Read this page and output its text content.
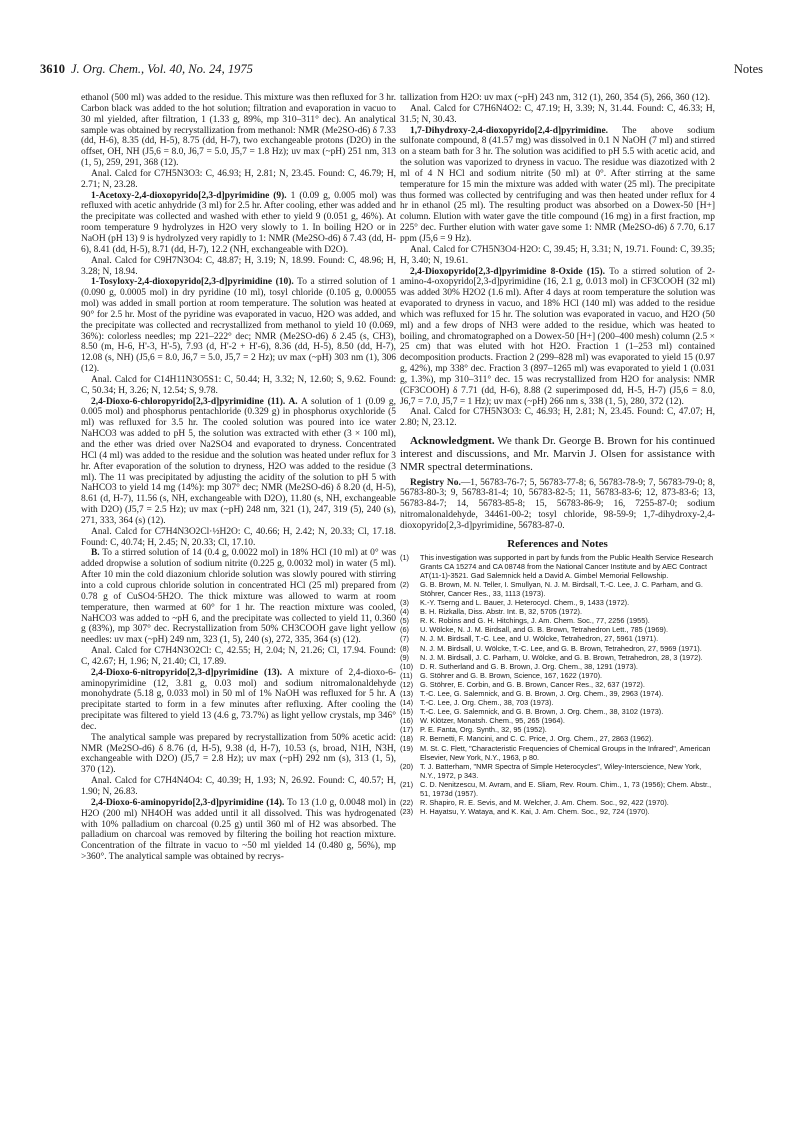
3610 J. Org. Chem., Vol. 40, No. 24, 1975	Notes

ethanol (500 ml) was added to the residue. This mixture was then refluxed for 3 hr. Carbon black was added to the hot solution; filtration and evaporation in vacuo to 30 ml yielded, after filtration, 1 (1.33 g, 89%, mp 310–311° dec). An analytical sample was obtained by recrystallization from methanol: NMR (Me2SO-d6) δ 7.33 (dd, H-6), 8.35 (dd, H-5), 8.75 (dd, H-7), two exchangeable protons (D2O) in the offset, OH, NH (J5,6 = 8.0, J6,7 = 5.0, J5,7 = 1.8 Hz); uv max (~pH) 251 nm, 313 (1, 5), 259, 291, 368 (12).

Anal. Calcd for C7H5N3O3: C, 46.93; H, 2.81; N, 23.45. Found: C, 46.79; H, 2.71; N, 23.28.

1-Acetoxy-2,4-dioxopyrido[2,3-d]pyrimidine (9). 1 (0.09 g, 0.005 mol) was refluxed with acetic anhydride (3 ml) for 2.5 hr. After cooling, ether was added and the precipitate was collected and washed with ether to yield 9 (0.051 g, 46%). At room temperature 9 hydrolyzes in H2O very slowly to 1. In boiling H2O or in NaOH (pH 13) 9 is hydrolyzed very rapidly to 1: NMR (Me2SO-d6) δ 7.43 (dd, H-6), 8.41 (dd, H-5), 8.71 (dd, H-7), 12.2 (NH, exchangeable with D2O).

Anal. Calcd for C9H7N3O4: C, 48.87; H, 3.19; N, 18.99. Found: C, 48.96; H, 3.28; N, 18.94.

1-Tosyloxy-2,4-dioxopyrido[2,3-d]pyrimidine (10). To a stirred solution of 1 (0.090 g, 0.0005 mol) in dry pyridine (10 ml), tosyl chloride (0.105 g, 0.00055 mol) was added in small portion at room temperature. The solution was heated at 90° for 2.5 hr. Most of the pyridine was evaporated in vacuo, H2O was added, and the precipitate was collected and recrystallized from methanol to yield 10 (0.069, 36%): colorless needles; mp 221–222° dec; NMR (Me2SO-d6) δ 2.45 (s, CH3), 8.50 (m, H-6, H'-3, H'-5), 7.93 (d, H'-2 + H'-6), 8.36 (dd, H-5), 8.50 (dd, H-7), 12.08 (s, NH) (J5,6 = 8.0, J6,7 = 5.0, J5,7 = 2 Hz); uv max (~pH) 303 nm (1), 306 (12).

Anal. Calcd for C14H11N3O5S1: C, 50.44; H, 3.32; N, 12.60; S, 9.62. Found: C, 50.34; H, 3.26; N, 12.54; S, 9.78.

2,4-Dioxo-6-chloropyrido[2,3-d]pyrimidine (11). A. A solution of 1 (0.09 g, 0.005 mol) and phosphorus pentachloride (0.329 g) in phosphorus oxychloride (5 ml) was refluxed for 3.5 hr. The cooled solution was poured into ice water NaHCO3 was added to pH 5, the solution was extracted with ether (3 × 100 ml), and the ether was dried over Na2SO4 and evaporated to dryness. Concentrated HCl (4 ml) was added to the residue and the solution was heated under reflux for 3 hr. After evaporation of the solution to dryness, H2O was added to the residue (3 ml). The 11 was precipitated by adjusting the acidity of the solution to pH 5 with NaHCO3 to yield 14 mg (14%): mp 307° dec; NMR (Me2SO-d6) δ 8.20 (d, H-5), 8.61 (d, H-7), 11.56 (s, NH, exchangeable with D2O), 11.80 (s, NH, exchangeable with D2O) (J5,7 = 2.5 Hz); uv max (~pH) 248 nm, 321 (1), 247, 319 (5), 240 (s), 271, 333, 364 (s) (12).

Anal. Calcd for C7H4N3O2Cl·½H2O: C, 40.66; H, 2.42; N, 20.33; Cl, 17.18. Found: C, 40.74; H, 2.45; N, 20.33; Cl, 17.10.

B. To a stirred solution of 14 (0.4 g, 0.0022 mol) in 18% HCl (10 ml) at 0° was added dropwise a solution of sodium nitrite (0.225 g, 0.0032 mol) in water (5 ml). After 10 min the cold diazonium chloride solution was slowly poured with stirring into a cold cuprous chloride solution in concentrated HCl (25 ml) prepared from 0.78 g of CuSO4·5H2O. The thick mixture was allowed to warm at room temperature, then warmed at 60° for 1 hr. The reaction mixture was cooled, NaHCO3 was added to ~pH 6, and the precipitate was collected to yield 11, 0.360 g (83%), mp 307° dec. Recrystallization from 50% CH3COOH gave light yellow needles: uv max (~pH) 249 nm, 323 (1, 5), 240 (s), 272, 335, 364 (s) (12).

Anal. Calcd for C7H4N3O2Cl: C, 42.55; H, 2.04; N, 21.26; Cl, 17.94. Found: C, 42.67; H, 1.96; N, 21.40; Cl, 17.89.

2,4-Dioxo-6-nitropyrido[2,3-d]pyrimidine (13). A mixture of 2,4-dioxo-6-aminopyrimidine (12, 3.81 g, 0.03 mol) and sodium nitromalonaldehyde monohydrate (5.18 g, 0.033 mol) in 50 ml of 1% NaOH was refluxed for 5 hr. A precipitate started to form in a few minutes after refluxing. After cooling the precipitate was filtered to yield 13 (4.6 g, 73.7%) as light yellow crystals, mp 346° dec.

The analytical sample was prepared by recrystallization from 50% acetic acid: NMR (Me2SO-d6) δ 8.76 (d, H-5), 9.38 (d, H-7), 10.53 (s, broad, N1H, N3H, exchangeable with D2O) (J5,7 = 2.8 Hz); uv max (~pH) 292 nm (s), 313 (1, 5), 370 (12).

Anal. Calcd for C7H4N4O4: C, 40.39; H, 1.93; N, 26.92. Found: C, 40.57; H, 1.90; N, 26.83.

2,4-Dioxo-6-aminopyrido[2,3-d]pyrimidine (14). To 13 (1.0 g, 0.0048 mol) in H2O (200 ml) NH4OH was added until it all dissolved. This was hydrogenated with 10% palladium on charcoal (0.25 g) until 360 ml of H2 was absorbed. The palladium on charcoal was removed by filtering the boiling hot reaction mixture. Concentration of the filtrate in vacuo to ~50 ml yielded 14 (0.480 g, 56%), mp >360°. The analytical sample was obtained by recrys-

tallization from H2O: uv max (~pH) 243 nm, 312 (1), 260, 354 (5), 266, 360 (12).

Anal. Calcd for C7H6N4O2: C, 47.19; H, 3.39; N, 31.44. Found: C, 46.33; H, 31.5; N, 30.43.

1,7-Dihydroxy-2,4-dioxopyrido[2,4-d]pyrimidine. The above sodium sulfonate compound, 8 (41.57 mg) was dissolved in 0.1 N NaOH (7 ml) and stirred on a steam bath for 3 hr. The solution was acidified to pH 5.5 with acetic acid, and the solution was vaporized to dryness in vacuo. The residue was diazotized with 2 ml of 4 N HCl and sodium nitrite (50 ml) at 0°. After stirring at the same temperature for 15 min the mixture was added with water (25 ml). The precipitate thus formed was collected by centrifuging and was then heated under reflux for 4 hr in ethanol (25 ml). The resulting product was absorbed on a Dowex-50 [H+] column. Elution with water gave the title compound (16 mg) in a first fraction, mp 225° dec. Further elution with water gave some 1: NMR (Me2SO-d6) δ 7.70, 6.17 ppm (J5,6 = 9 Hz).

Anal. Calcd for C7H5N3O4·H2O: C, 39.45; H, 3.31; N, 19.71. Found: C, 39.35; H, 3.40; N, 19.61.

2,4-Dioxopyrido[2,3-d]pyrimidine 8-Oxide (15). To a stirred solution of 2-amino-4-oxopyrido[2,3-d]pyrimidine (16, 2.1 g, 0.013 mol) in CF3COOH (32 ml) was added 30% H2O2 (1.6 ml). After 4 days at room temperature the solution was evaporated to dryness in vacuo, and 18% HCl (140 ml) was added to the residue which was refluxed for 15 hr. The solution was evaporated in vacuo, and H2O (50 ml) and a few drops of NH3 were added to the residue, which was heated to boiling, and chromatographed on a Dowex-50 [H+] (200–400 mesh) column (2.5 × 25 cm) that was eluted with hot H2O. Fraction 1 (1–253 ml) contained decomposition products. Fraction 2 (299–828 ml) was evaporated to yield 15 (0.97 g, 42%), mp 338° dec. Fraction 3 (897–1265 ml) was evaporated to yield 1 (0.031 g, 1.3%), mp 310–311° dec. 15 was recrystallized from H2O for analysis: NMR (CF3COOH) δ 7.71 (dd, H-6), 8.88 (2 superimposed dd, H-5, H-7) (J5,6 = 8.0, J6,7 = 7.0, J5,7 = 1 Hz); uv max (~pH) 266 nm s, 338 (1, 5), 280, 372 (12).

Anal. Calcd for C7H5N3O3: C, 46.93; H, 2.81; N, 23.45. Found: C, 47.07; H, 2.80; N, 23.12.

Acknowledgment. We thank Dr. George B. Brown for his continued interest and discussions, and Mr. Marvin J. Olsen for assistance with NMR spectral determinations.

Registry No.—1, 56783-76-7; 5, 56783-77-8; 6, 56783-78-9; 7, 56783-79-0; 8, 56783-80-3; 9, 56783-81-4; 10, 56783-82-5; 11, 56783-83-6; 12, 873-83-6; 13, 56783-84-7; 14, 56783-85-8; 15, 56783-86-9; 16, 7255-87-0; sodium nitromalonaldehyde, 34461-00-2; tosyl chloride, 98-59-9; 1,7-dihydroxy-2,4-dioxopyrido[2,3-d]pyrimidine, 56783-87-0.

References and Notes
(1)	This investigation was supported in part by funds from the Public Health Service Research Grants CA 15274 and CA 08748 from the National Cancer Institute and by AEC Contract AT(11-1)-3521. Gad Salemnick held a David A. Gimbel Memorial Fellowship.
(2)	G. B. Brown, M. N. Teller, I. Smullyan, N. J. M. Birdsall, T.-C. Lee, J. C. Parham, and G. Stöhrer, Cancer Res., 33, 1113 (1973).
(3)	K.-Y. Tserng and L. Bauer, J. Heterocycl. Chem., 9, 1433 (1972).
(4)	B. H. Rizkalla, Diss. Abstr. Int. B, 32, 5705 (1972).
(5)	R. K. Robins and G. H. Hitchings, J. Am. Chem. Soc., 77, 2256 (1955).
(6)	U. Wölcke, N. J. M. Birdsall, and G. B. Brown, Tetrahedron Lett., 785 (1969).
(7)	N. J. M. Birdsall, T.-C. Lee, and U. Wölcke, Tetrahedron, 27, 5961 (1971).
(8)	N. J. M. Birdsall, U. Wölcke, T.-C. Lee, and G. B. Brown, Tetrahedron, 27, 5969 (1971).
(9)	N. J. M. Birdsall, J. C. Parham, U. Wölcke, and G. B. Brown, Tetrahedron, 28, 3 (1972).
(10) D. R. Sutherland and G. B. Brown, J. Org. Chem., 38, 1291 (1973).
(11)	G. Stöhrer and G. B. Brown, Science, 167, 1622 (1970).
(12) G. Stöhrer, E. Corbin, and G. B. Brown, Cancer Res., 32, 637 (1972).
(13) T.-C. Lee, G. Salemnick, and G. B. Brown, J. Org. Chem., 39, 2963 (1974).
(14) T.-C. Lee, J. Org. Chem., 38, 703 (1973).
(15) T.-C. Lee, G. Salemnick, and G. B. Brown, J. Org. Chem., 38, 3102 (1973).
(16) W. Klötzer, Monatsh. Chem., 95, 265 (1964).
(17) P. E. Fanta, Org. Synth., 32, 95 (1952).
(18) R. Bernetti, F. Mancini, and C. C. Price, J. Org. Chem., 27, 2863 (1962).
(19) M. St. C. Flett, "Characteristic Frequencies of Chemical Groups in the Infrared", American Elsevier, New York, N.Y., 1963, p 80.
(20) T. J. Batterham, "NMR Spectra of Simple Heterocycles", Wiley-Interscience, New York, N.Y., 1972, p 343.
(21) C. D. Nenitzescu, M. Avram, and E. Sliam, Rev. Roum. Chim., 1, 73 (1956); Chem. Abstr., 51, 1973d (1957).
(22) R. Shapiro, R. E. Sevis, and M. Welcher, J. Am. Chem. Soc., 92, 422 (1970).
(23) H. Hayatsu, Y. Wataya, and K. Kai, J. Am. Chem. Soc., 92, 724 (1970).
